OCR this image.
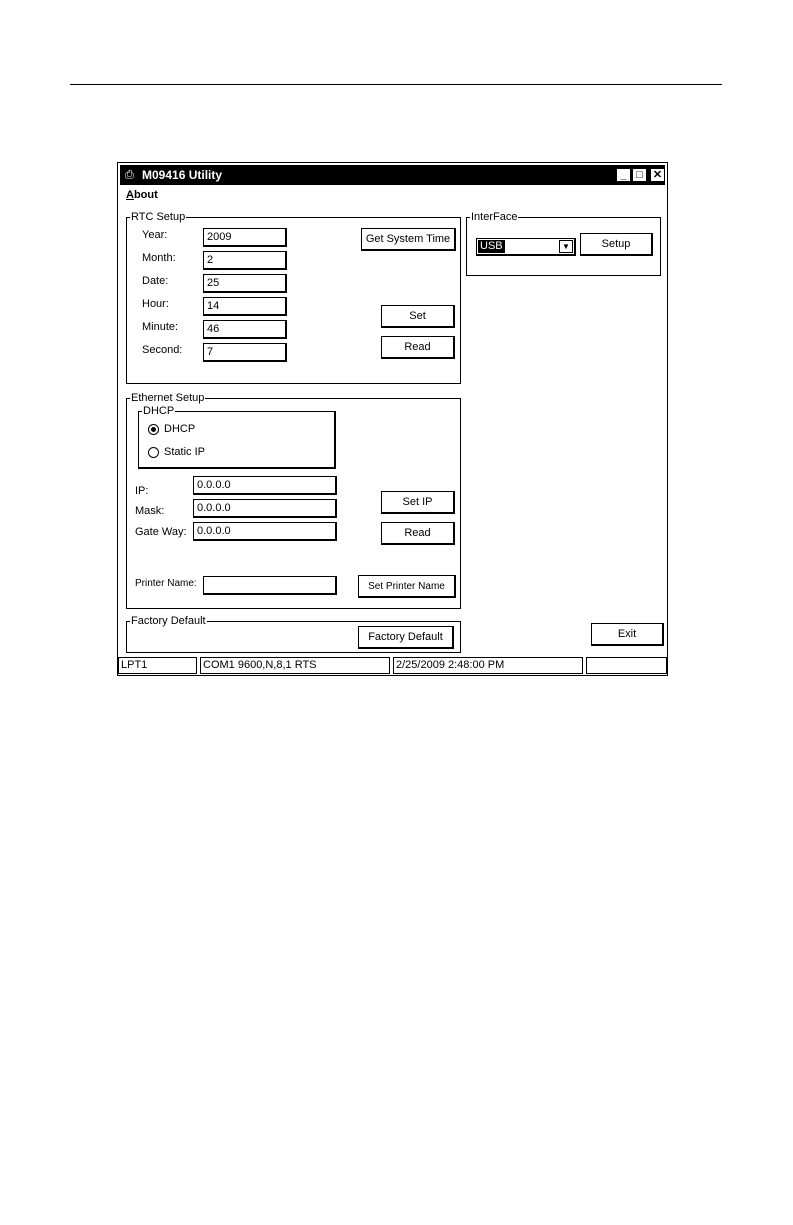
⎙ M09416 Utility	_ □ ✕
About
RTC Setup
Year:
2009
Month:
2
Date:
25
Hour:
14
Minute:
46
Second:
7
Get System Time
Set
Read
InterFace
USB	▼	Setup
Ethernet Setup
DHCP
DHCP
Static IP
IP:
0.0.0.0
Mask:
0.0.0.0
Gate Way:
0.0.0.0
Set IP
Read
Printer Name:	Set Printer Name
Factory Default
Factory Default	Exit
LPT1	COM1 9600,N,8,1 RTS	2/25/2009 2:48:00 PM
